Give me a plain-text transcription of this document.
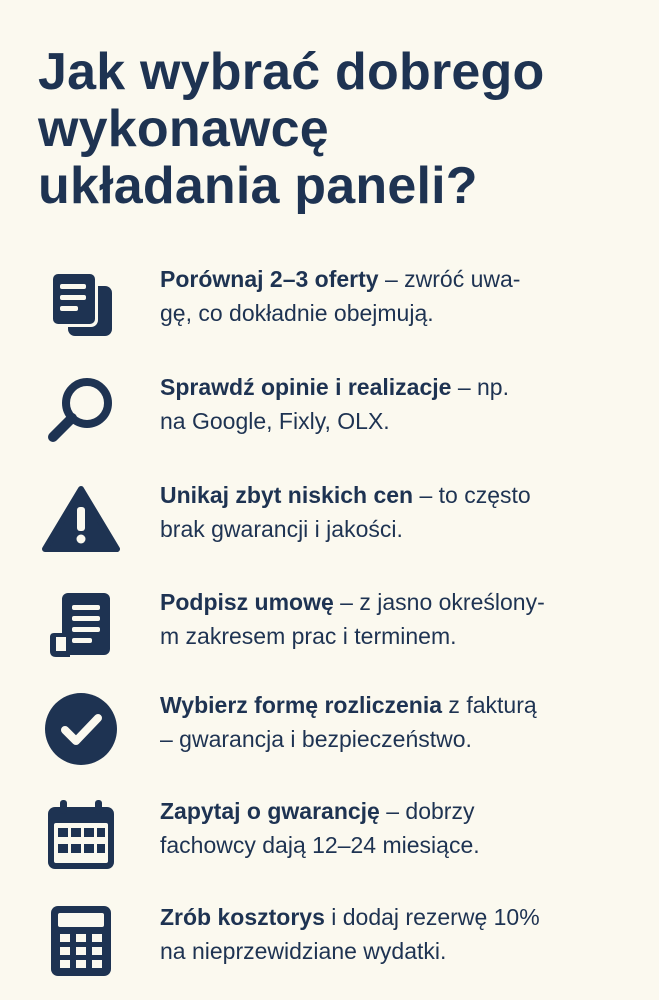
Jak wybrać dobrego
wykonawcę
układania paneli?
Porównaj 2–3 oferty – zwróć uwa-
gę, co dokładnie obejmują.
Sprawdź opinie i realizacje – np.
na Google, Fixly, OLX.
Unikaj zbyt niskich cen – to często
brak gwarancji i jakości.
Podpisz umowę – z jasno określony-
m zakresem prac i terminem.
Wybierz formę rozliczenia z fakturą
– gwarancja i bezpieczeństwo.
Zapytaj o gwarancję – dobrzy
fachowcy dają 12–24 miesiące.
Zrób kosztorys i dodaj rezerwę 10%
na nieprzewidziane wydatki.
